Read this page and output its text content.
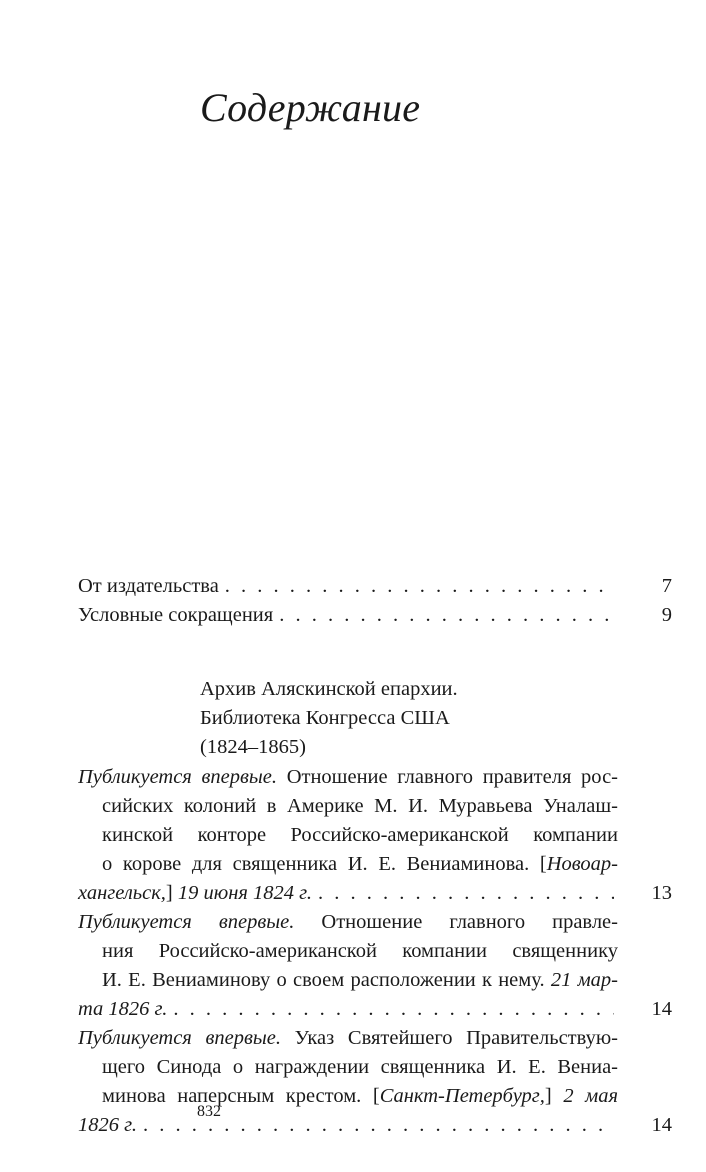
Содержание
От издательства . . .	7
Условные сокращения . . .	9
Архив Аляскинской епархии.
Библиотека Конгресса США
(1824–1865)
Публикуется впервые. Отношение главного правителя рос-
сийских колоний в Америке М. И. Муравьева Уналаш-
кинской конторе Российско-американской компании
о корове для священника И. Е. Вениаминова. [Новоар-
хангельск,] 19 июня 1824 г. . . .	13
Публикуется впервые. Отношение главного правле-
ния Российско-американской компании священнику
И. Е. Вениаминову о своем расположении к нему. 21 мар-
та 1826 г. . . .	14
Публикуется впервые. Указ Святейшего Правительствую-
щего Синода о награждении священника И. Е. Вениа-
минова наперсным крестом. [Санкт-Петербург,] 2 мая
1826 г. . . .	14
832
